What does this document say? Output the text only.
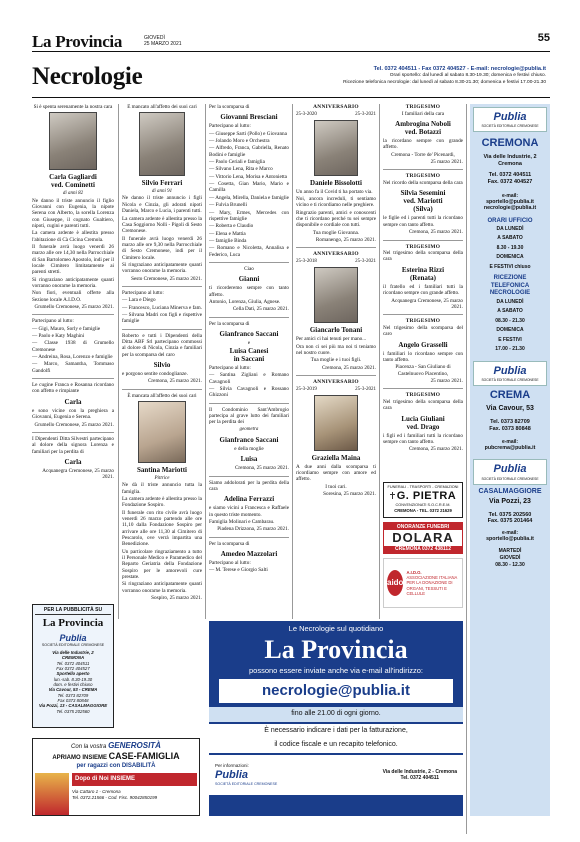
La Provincia	GIOVEDÌ
25 MARZO 2021	55
Necrologie	Tel. 0372 404511 - Fax 0372 404527 - E-mail: necrologie@publia.it
Orari sportello: dal lunedì al sabato 8.30-19.30; domenica e festivi chiuso.
Ricezione telefonica necrologie: dal lunedì al sabato 8.30-21.30; domenica e festivi 17.00-21.30

Si è spenta serenamente la nostra cara

Carla Gagliardi
ved. Cominetti
di anni 82

Ne danno il triste annuncio il figlio Giovanni con Eugenia, la nipote Serena con Alberto, la sorella Lorenza con Giuseppe, il cognato Gualtiero, nipoti, cugini e parenti tutti.

La camera ardente è allestita presso l'abitazione di Cà Cicina Cremola.

Il funerale avrà luogo venerdì 26 marzo alle ore 14,30 nella Parrocchiale di San Bartolomeo Apostolo, indi per il locale Cimitero limitatamente ai parenti stretti.

Si ringraziano anticipatamente quanti vorranno onorarne la memoria.

Non fiori, eventuali offerte alla Sezione locale A.I.D.O.

Grumello Cremonese, 25 marzo 2021.

Partecipano al lutto:

— Gigi, Mauro, Sorly e famiglie

— Paolo e Katy Maghini

— Classe 1938 di Grumello Cremonese

— Andreina, Rosa, Lorenzo e famiglie

— Marco, Samantha, Tommaso Gandolfi

Le cugine Franca e Rosanna ricordano con affetto e rimpiante

Carla

e sono vicine con la preghiera a Giovanni, Eugenia e Serena.

Grumello Cremonese, 25 marzo 2021.

I Dipendenti Ditta Silvestri partecipano al dolore della signora Lorenza e familiari per la perdita di

Carla

Acquanegra Cremonese, 25 marzo 2021.

PER LA PUBBLICITÀ SU
La Provincia
Publia
SOCIETÀ EDITORIALE CREMONESE
Via delle Industrie, 2
CREMONA
Tel. 0372 404511
Fax 0372 404527
Sportello aperto
lun.-sab. 8.30-19.30
dom. e festivi chiuso
Via Cavour, 53 - CREMA
Tel. 0373 82709
Fax 0373 80848
Via Pozzi, 13 - CASALMAGGIORE
Tel. 0375 202560
Con la vostra GENEROSITÀ
APRIAMO INSIEME CASE-FAMIGLIA
per ragazzi con DISABILITÀ
Dopo di Noi INSIEME
Via Cattaro 1 - Cremona
Tel. 0372.21566 - Cod. Fisc. 90042850199

È mancato all'affetto dei suoi cari

Silvio Ferrari
di anni 91

Ne danno il triste annuncio i figli Nicola e Cinzia, gli adorati nipoti Daniela, Marco e Lucia, i parenti tutti.

La camera ardente è allestita presso la Casa Soggiorno Nolli - Pigoli di Sesto Cremonese.

Il funerale avrà luogo venerdì 26 marzo alle ore 9,30 nella Parrocchiale di Sesto Cremonese, indi per il Cimitero locale.

Si ringraziano anticipatamente quanti vorranno onorarne la memoria.

Sesto Cremonese, 25 marzo 2021.

Partecipano al lutto:

— Lara e Diego

— Francesco, Luciana Minerva e fam.

— Silvana Madri con figli e rispettive famiglie

Roberto e tutti i Dipendenti della Ditta ABF Srl partecipano commossi al dolore di Nicola, Cinzia e familiari per la scomparsa del caro

Silvio

e porgono sentite condoglianze.

Cremona, 25 marzo 2021.

È mancata all'affetto dei suoi cari

Santina Mariotti
Pittrice

Ne dà il triste annuncio tutta la famiglia.

La camera ardente è allestita presso la Fondazione Sospiro.

Il funerale con rito civile avrà luogo venerdì 26 marzo partendo alle ore 11,10 dalla Fondazione Sospiro per arrivare alle ore 11,30 al Cimitero di Pescarolo, ove verrà impartita una Benedizione.

Un particolare ringraziamento a tutto il Personale Medico e Paramedico del Reparto Geriatria della Fondazione Sospiro per le amorevoli cure prestate.

Si ringraziano anticipatamente quanti vorranno onorarne la memoria.

Sospiro, 25 marzo 2021.

Per la scomparsa di

Giovanni Bresciani

Partecipano al lutto:

— Giuseppe Sarti (Pollo) e Giovanna

— Jolando Moro e Orchestra

— Alfredo, Franca, Gabriella, Renato Bodini e famiglie

— Paolo Ceriali e famiglia

— Silvano Lena, Rita e Marco

— Vittorio Lena, Morisa e Antonietta

— Cosetta, Gian Mario, Mario e Camilla

— Angela, Mirella, Daniela e famiglie

— Fulvia Brunelli

— Mary, Ermes, Mercedes con rispettive famiglie

— Roberta e Claudio

— Elena e Mattia

— famiglie Binda

— Romano e Nicoletta, Annalisa e Federico, Luca

Ciao

Gianni

ti ricorderemo sempre con tanto affetto.

Antonio, Lorenza, Giulia, Agnese.

Cella Dati, 25 marzo 2021.

Per la scomparsa di

Gianfranco Saccani
e
Luisa Canesi
in Saccani

Partecipano al lutto:

— Santina Zigliani e Romano Cavagnoli

— Silvia Cavagnoli e Rossano Ghizzoni

Il Condominio Sant'Ambrogio partecipa al grave lutto dei familiari per la perdita dei

geometra
Gianfranco Saccani

e della moglie

Luisa

Cremona, 25 marzo 2021.

Siamo addolorati per la perdita della cara

Adelina Ferrazzi

e siamo vicini a Francesca e Raffaele in questo triste momento.

Famiglia Molinari e Cambarau.

Piadena Drizzona, 25 marzo 2021.

Per la scomparsa di

Amedeo Mazzolari

Partecipano al lutto:

— M. Terese e Giorgio Salti

ANNIVERSARIO
25-3-2020	25-3-2021
Daniele Bissolotti

Un anno fa il Covid ti ha portato via.

Noi, ancora increduli, ti sentiamo vicino e ti ricordiamo nelle preghiere.

Ringrazio parenti, amici e conoscenti che ti ricordano perché tu sei sempre disponibile e cordiale con tutti.

Tua moglie Giovanna.

Romanengo, 25 marzo 2021.

ANNIVERSARIO
25-3-2018	25-3-2021
Giancarlo Tonani

Per amici ci hai tenuti per mano...

Ora non ci sei più ma noi ti teniamo nel nostro cuore.

Tua moglie e i tuoi figli.

Cremona, 25 marzo 2021.

ANNIVERSARIO
25-3-2019	25-3-2021
Graziella Maina

A due anni dalla scomparsa ti ricordiamo sempre con amore ed affetto.

I tuoi cari.

Soresina, 25 marzo 2021.

TRIGESIMO

I familiari della cara

Ambrogina Noboli
ved. Botazzi

la ricordano sempre con grande affetto.

Cremona - Torre de' Picenardi,

25 marzo 2021.

TRIGESIMO

Nel ricordo della scomparsa della cara

Silvia Sesemini
ved. Mariotti
(Silva)

le figlie ed i parenti tutti la ricordano sempre con tanto affetto.

Cremona, 25 marzo 2021.

TRIGESIMO

Nel trigesimo della scomparsa della cara

Esterina Rizzi
(Renata)

il fratello ed i familiari tutti la ricordano sempre con grande affetto.

Acquanegra Cremonese, 25 marzo 2021.

TRIGESIMO

Nel trigesimo della scomparsa del caro

Angelo Grasselli

i familiari lo ricordano sempre con tanto affetto.

Piacenza - San Giuliano di Castelnuovo Piacentino,

25 marzo 2021.

TRIGESIMO

Nel trigesimo della scomparsa della cara

Lucia Giuliani
ved. Drago

i figli ed i familiari tutti la ricordano sempre con tanto affetto.

Cremona, 25 marzo 2021.

FUNERALI - TRASPORTI - CREMAZIONI
G. PIETRA
CONVENZIONATI S.O.C.R.E.M.
CREMONA - TEL. 0372 21629
ONORANZE FUNEBRI
DOLARA
CREMONA 0372 438112
aido
A.I.D.O.
ASSOCIAZIONE ITALIANA PER LA DONAZIONE DI ORGANI, TESSUTI E CELLULE
Le Necrologie sul quotidiano
La Provincia
possono essere inviate anche via e-mail all'indirizzo:
necrologie@publia.it
fino alle 21.00 di ogni giorno.
È necessario indicare i dati per la fatturazione,
il codice fiscale e un recapito telefonico.
Per informazioni:
Publia
SOCIETÀ EDITORIALE CREMONESE
Via delle Industrie, 2 - Cremona
Tel. 0372 404511
Publia
SOCIETÀ EDITORIALE CREMONESE
CREMONA
Via delle Industrie, 2
Cremona
Tel. 0372 404511
Fax. 0372 404527
e-mail:
sportello@publia.it
necrologie@publia.it
ORARI UFFICIO
DA LUNEDÌ
A SABATO
8.30 - 19.30
DOMENICA
E FESTIVI chiuso
RICEZIONE
TELEFONICA
NECROLOGIE
DA LUNEDÌ
A SABATO
08.30 - 21.30
DOMENICA
E FESTIVI
17.00 - 21.30
Publia
SOCIETÀ EDITORIALE CREMONESE
CREMA
Via Cavour, 53
Tel. 0373 82709
Fax. 0373 80848
e-mail:
pubcrema@publia.it
Publia
SOCIETÀ EDITORIALE CREMONESE
CASALMAGGIORE
Via Pozzi, 23
Tel. 0375 202560
Fax. 0375 201464
e-mail:
sportello@publia.it
MARTEDÌ
GIOVEDÌ
08.30 - 12.30
